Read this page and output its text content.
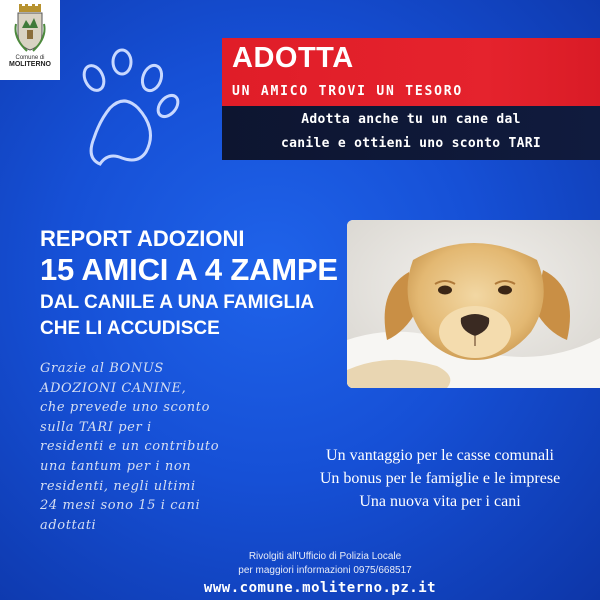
Comune di
MOLITERNO	ADOTTA
UN AMICO TROVI UN TESORO
Adotta anche tu un cane dal
canile e ottieni uno sconto TARI
REPORT ADOZIONI
15 AMICI A 4 ZAMPE
DAL CANILE A UNA FAMIGLIA
CHE LI ACCUDISCE
Grazie al BONUS
ADOZIONI CANINE,
che prevede uno sconto
sulla TARI per i
residenti e un contributo
una tantum per i non
residenti, negli ultimi
24 mesi sono 15 i cani
adottati
Un vantaggio per le casse comunali
Un bonus per le famiglie e le imprese
Una nuova vita per i cani
Rivolgiti all'Ufficio di Polizia Locale
per maggiori informazioni 0975/668517
www.comune.moliterno.pz.it
